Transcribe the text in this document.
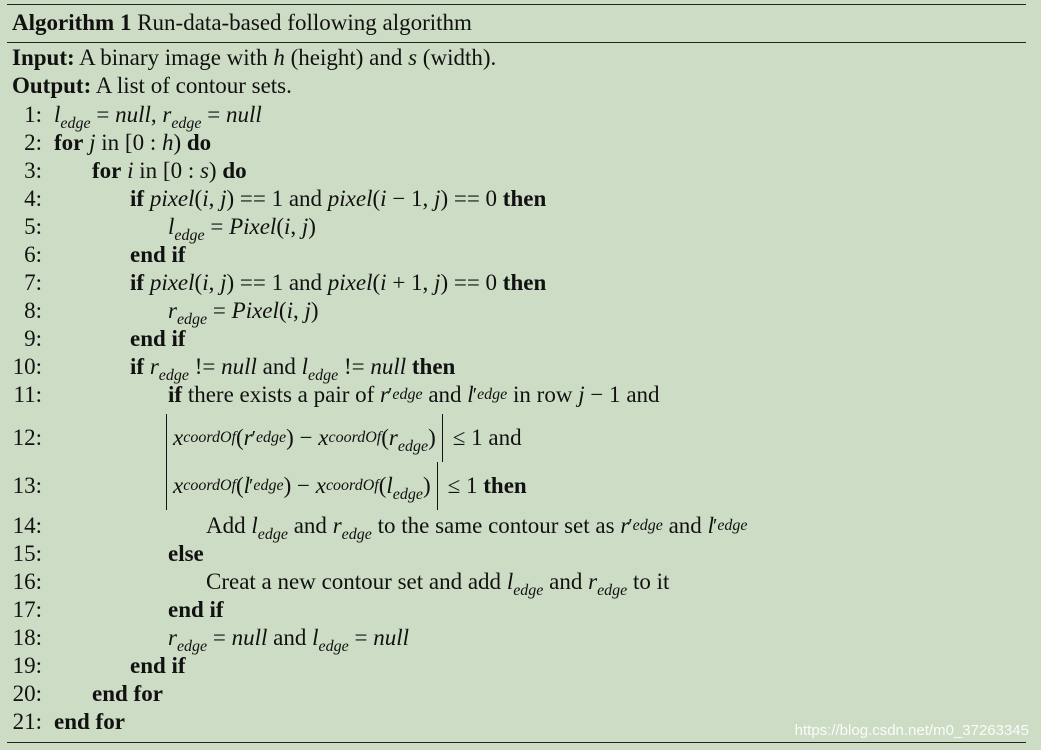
Algorithm 1 Run-data-based following algorithm
Input: A binary image with h (height) and s (width).
Output: A list of contour sets.
1: $l_{edge}$ = null , $r_{edge}$ = null
2: for
j
in [0 : h ) do
3: for
i
in [0 : s ) do
4:	if
pixel ( i , j ) == 1 and
pixel ( i − 1, j ) == 0 then
5:	$l_{edge}$ = Pixel ( i , j )
6:	end if
7:	if
pixel ( i , j ) == 1 and
pixel ( i + 1, j ) == 0 then
8:	$r_{edge}$ = Pixel ( i , j )
9:	end if
10:	if
$r_{edge}$
!=
null
and
$l_{edge}$
!=
null
then
11:	if
there exists a pair of
r ′ edge
and
l ′ edge
in row
j − 1 and
12:	x coordOf ( r ′ edge ) − x coordOf ( $r_{edge}$ ) ≤
1
and
13:	x coordOf ( l ′ edge ) − x coordOf ( $l_{edge}$ ) ≤
1
then
14:	Add
$l_{edge}$
and
$r_{edge}$
to the same contour set as
r ′ edge
and
l ′ edge
15:	else
16:	Creat a new contour set and add
$l_{edge}$
and
$r_{edge}$
to it
17:	end if
18:	$r_{edge}$ = null
and
$l_{edge}$ = null
19:	end if
20: end for
21: end for	https://blog.csdn.net/m0_37263345
